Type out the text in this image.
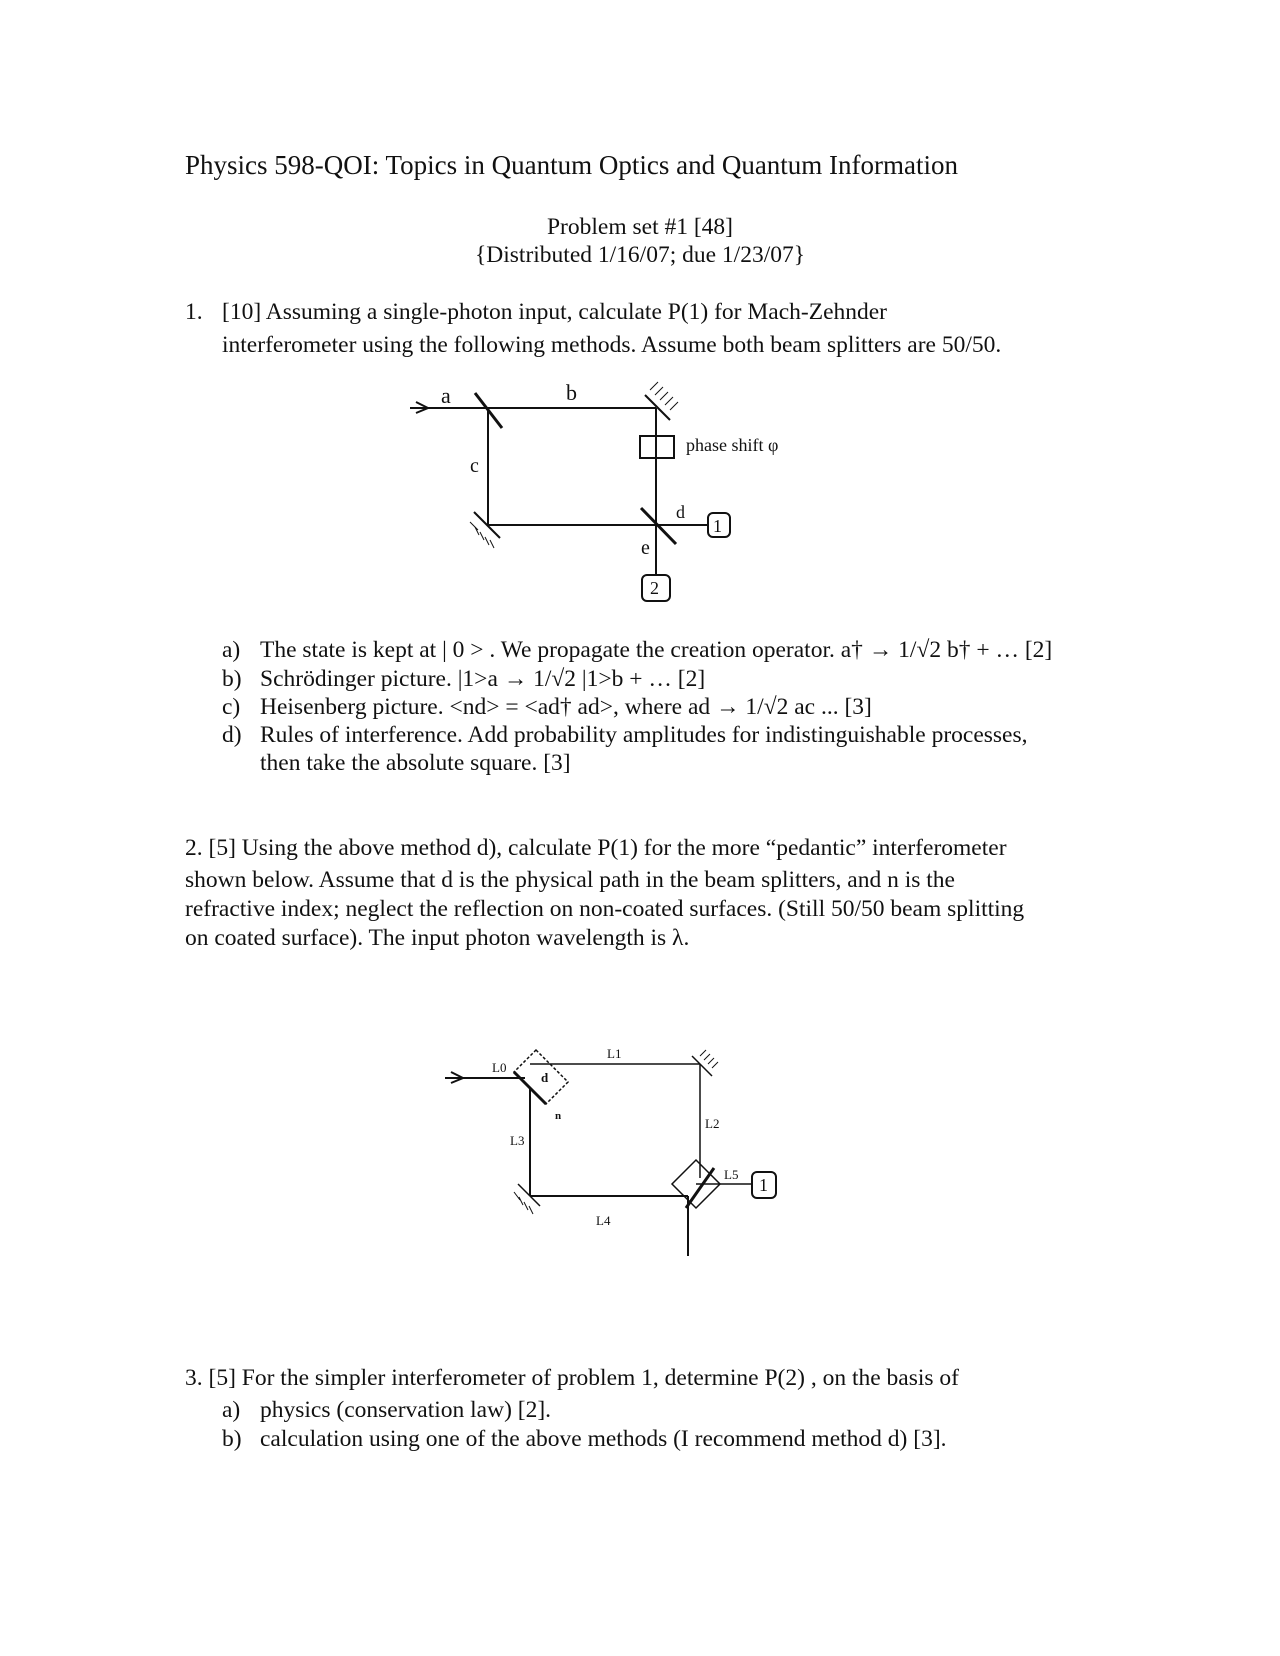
Physics 598-QOI: Topics in Quantum Optics and Quantum Information
Problem set #1 [48]
{Distributed 1/16/07; due 1/23/07}
1. [10] Assuming a single-photon input, calculate P(1) for Mach-Zehnder
interferometer using the following methods. Assume both beam splitters are 50/50.
a	b
c
d
e
phase shift φ
1
2
a) The state is kept at | 0 > . We propagate the creation operator. a† → 1/√2 b† + … [2]
b) Schrödinger picture. |1>a → 1/√2 |1>b + … [2]
c) Heisenberg picture. <nd> = <ad† ad>, where ad → 1/√2 ac ... [3]
d) Rules of interference. Add probability amplitudes for indistinguishable processes,
then take the absolute square. [3]
2. [5] Using the above method d), calculate P(1) for the more “pedantic” interferometer
shown below. Assume that d is the physical path in the beam splitters, and n is the
refractive index; neglect the reflection on non-coated surfaces. (Still 50/50 beam splitting
on coated surface). The input photon wavelength is λ.
L0
L1
L2
L3
L4
L5
d
n
1
3. [5] For the simpler interferometer of problem 1, determine P(2) , on the basis of
a) physics (conservation law) [2].
b) calculation using one of the above methods (I recommend method d) [3].
